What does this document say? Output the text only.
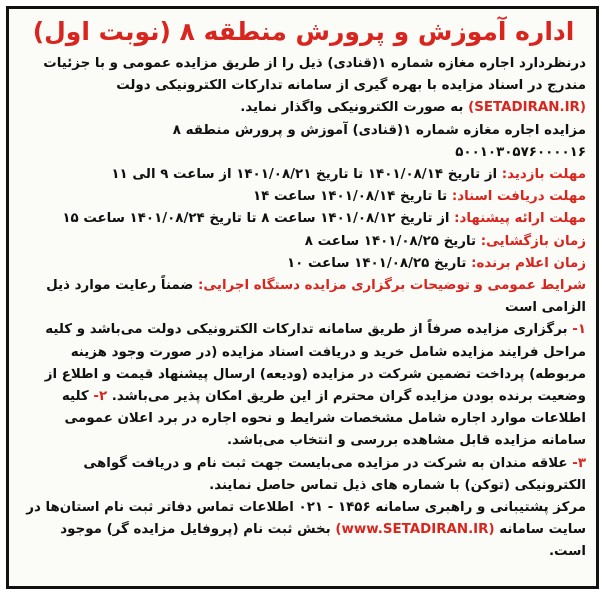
اداره آموزش و پرورش منطقه ۸ (نوبت اول)

درنظردارد اجاره مغازه شماره ۱(قنادی) ذیل را از طریق مزایده عمومی و با جزئیات مندرج در اسناد مزایده با بهره گیری از سامانه تدارکات الکترونیکی دولت (SETADIRAN.IR) به صورت الکترونیکی واگذار نماید.

مزایده اجاره مغازه شماره ۱(قنادی) آموزش و پرورش منطقه ۸

۵۰۰۱۰۳۰۵۷۶۰۰۰۰۱۶

مهلت بازدید: از تاریخ ۱۴۰۱/۰۸/۱۴ تا تاریخ ۱۴۰۱/۰۸/۲۱ از ساعت ۹ الی ۱۱

مهلت دریافت اسناد: تا تاریخ ۱۴۰۱/۰۸/۱۴ ساعت ۱۴

مهلت ارائه پیشنهاد: از تاریخ ۱۴۰۱/۰۸/۱۲ ساعت ۸ تا تاریخ ۱۴۰۱/۰۸/۲۴ ساعت ۱۵

زمان بازگشایی: تاریخ ۱۴۰۱/۰۸/۲۵ ساعت ۸

زمان اعلام برنده: تاریخ ۱۴۰۱/۰۸/۲۵ ساعت ۱۰

شرایط عمومی و توضیحات برگزاری مزایده دستگاه اجرایی: ضمناً رعایت موارد ذیل الزامی است

۱- برگزاری مزایده صرفاً از طریق سامانه تدارکات الکترونیکی دولت می‌باشد و کلیه مراحل فرایند مزایده شامل خرید و دریافت اسناد مزایده (در صورت وجود هزینه مربوطه) پرداخت تضمین شرکت در مزایده (ودیعه) ارسال پیشنهاد قیمت و اطلاع از وضعیت برنده بودن مزایده گران محترم از این طریق امکان پذیر می‌باشد. ۲- کلیه اطلاعات موارد اجاره شامل مشخصات شرایط و نحوه اجاره در برد اعلان عمومی سامانه مزایده قابل مشاهده بررسی و انتخاب می‌باشد.

۳- علاقه مندان به شرکت در مزایده می‌بایست جهت ثبت نام و دریافت گواهی الکترونیکی (توکن) با شماره های ذیل تماس حاصل نمایند.

مرکز پشتیبانی و راهبری سامانه ۱۴۵۶ - ۰۲۱ اطلاعات تماس دفاتر ثبت نام استان‌ها در سایت سامانه (www.SETADIRAN.IR) بخش ثبت نام (پروفایل مزایده گر) موجود است.
